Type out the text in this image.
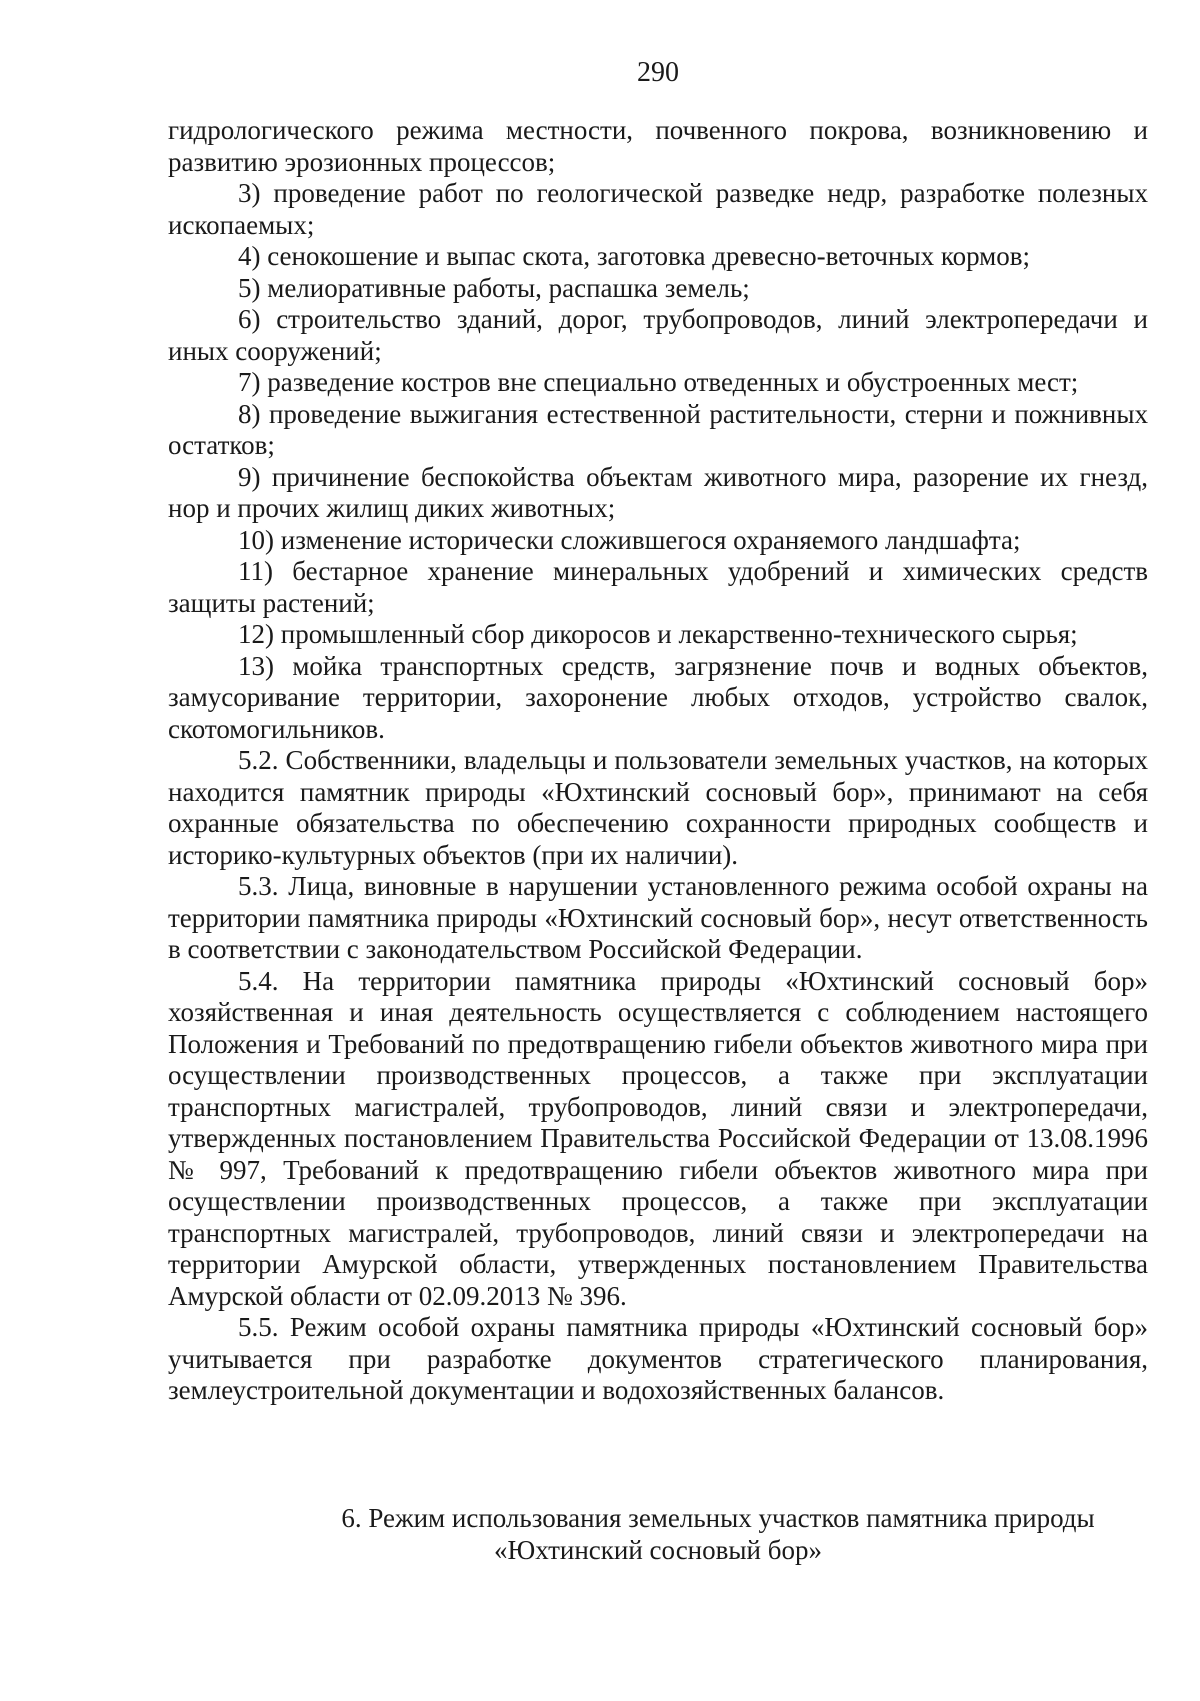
290

гидрологического режима местности, почвенного покрова, возникновению и развитию эрозионных процессов;

3) проведение работ по геологической разведке недр, разработке полезных ископаемых;

4) сенокошение и выпас скота, заготовка древесно-веточных кормов;

5) мелиоративные работы, распашка земель;

6) строительство зданий, дорог, трубопроводов, линий электропередачи и иных сооружений;

7) разведение костров вне специально отведенных и обустроенных мест;

8) проведение выжигания естественной растительности, стерни и пожнивных остатков;

9) причинение беспокойства объектам животного мира, разорение их гнезд, нор и прочих жилищ диких животных;

10) изменение исторически сложившегося охраняемого ландшафта;

11) бестарное хранение минеральных удобрений и химических средств защиты растений;

12) промышленный сбор дикоросов и лекарственно-технического сырья;

13) мойка транспортных средств, загрязнение почв и водных объектов, замусоривание территории, захоронение любых отходов, устройство свалок, скотомогильников.

5.2. Собственники, владельцы и пользователи земельных участков, на которых находится памятник природы «Юхтинский сосновый бор», принимают на себя охранные обязательства по обеспечению сохранности природных сообществ и историко-культурных объектов (при их наличии).

5.3. Лица, виновные в нарушении установленного режима особой охраны на территории памятника природы «Юхтинский сосновый бор», несут ответственность в соответствии с законодательством Российской Федерации.

5.4. На территории памятника природы «Юхтинский сосновый бор» хозяйственная и иная деятельность осуществляется с соблюдением настоящего Положения и Требований по предотвращению гибели объектов животного мира при осуществлении производственных процессов, а также при эксплуатации транспортных магистралей, трубопроводов, линий связи и электропередачи, утвержденных постановлением Правительства Российской Федерации от 13.08.1996 № 997, Требований к предотвращению гибели объектов животного мира при осуществлении производственных процессов, а также при эксплуатации транспортных магистралей, трубопроводов, линий связи и электропередачи на территории Амурской области, утвержденных постановлением Правительства Амурской области от 02.09.2013 № 396.

5.5. Режим особой охраны памятника природы «Юхтинский сосновый бор» учитывается при разработке документов стратегического планирования, землеустроительной документации и водохозяйственных балансов.

6. Режим использования земельных участков памятника природы
«Юхтинский сосновый бор»
